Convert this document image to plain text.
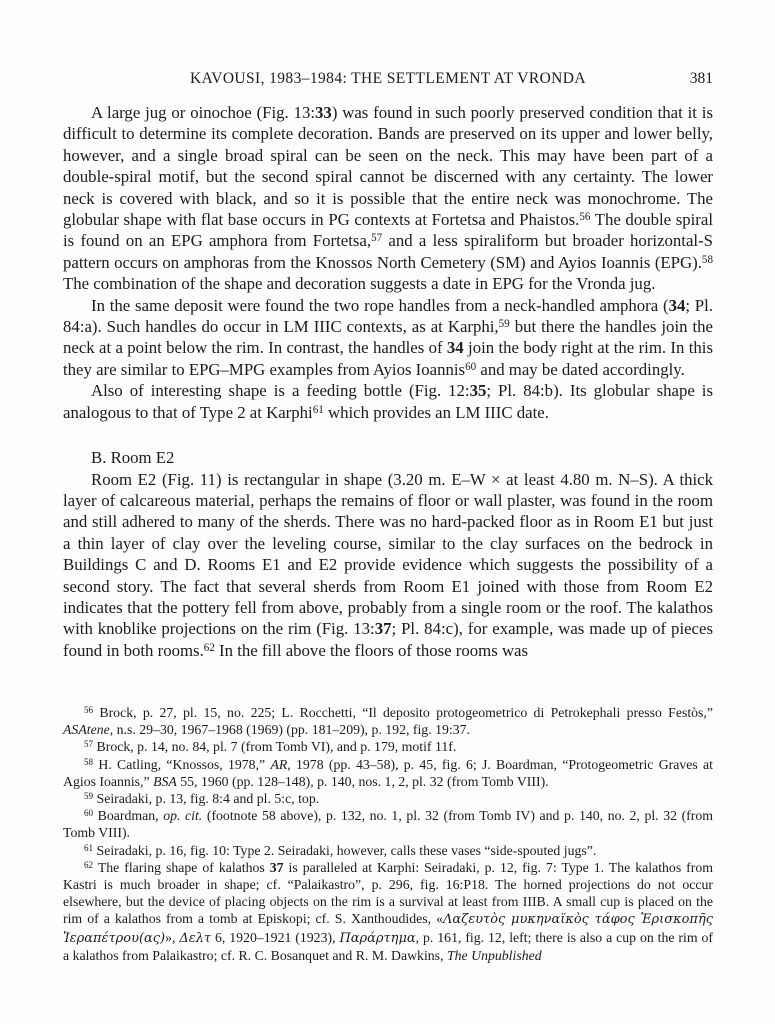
KAVOUSI, 1983–1984: THE SETTLEMENT AT VRONDA	381

A large jug or oinochoe (Fig. 13:33) was found in such poorly preserved condition that it is difficult to determine its complete decoration. Bands are preserved on its upper and lower belly, however, and a single broad spiral can be seen on the neck. This may have been part of a double-spiral motif, but the second spiral cannot be discerned with any certainty. The lower neck is covered with black, and so it is possible that the entire neck was monochrome. The globular shape with flat base occurs in PG contexts at Fortetsa and Phaistos.$^{56}$ The double spiral is found on an EPG amphora from Fortetsa,$^{57}$ and a less spiraliform but broader horizontal-S pattern occurs on amphoras from the Knossos North Cemetery (SM) and Ayios Ioannis (EPG).$^{58}$ The combination of the shape and decoration suggests a date in EPG for the Vronda jug.

In the same deposit were found the two rope handles from a neck-handled amphora (34; Pl. 84:a). Such handles do occur in LM IIIC contexts, as at Karphi,$^{59}$ but there the handles join the neck at a point below the rim. In contrast, the handles of 34 join the body right at the rim. In this they are similar to EPG–MPG examples from Ayios Ioannis$^{60}$ and may be dated accordingly.

Also of interesting shape is a feeding bottle (Fig. 12:35; Pl. 84:b). Its globular shape is analogous to that of Type 2 at Karphi$^{61}$ which provides an LM IIIC date.

B. Room E2

Room E2 (Fig. 11) is rectangular in shape (3.20 m. E–W × at least 4.80 m. N–S). A thick layer of calcareous material, perhaps the remains of floor or wall plaster, was found in the room and still adhered to many of the sherds. There was no hard-packed floor as in Room E1 but just a thin layer of clay over the leveling course, similar to the clay surfaces on the bedrock in Buildings C and D. Rooms E1 and E2 provide evidence which suggests the possibility of a second story. The fact that several sherds from Room E1 joined with those from Room E2 indicates that the pottery fell from above, probably from a single room or the roof. The kalathos with knoblike projections on the rim (Fig. 13:37; Pl. 84:c), for example, was made up of pieces found in both rooms.$^{62}$ In the fill above the floors of those rooms was

$^{56}$ Brock, p. 27, pl. 15, no. 225; L. Rocchetti, “Il deposito protogeometrico di Petrokephali presso Festòs,” ASAtene, n.s. 29–30, 1967–1968 (1969) (pp. 181–209), p. 192, fig. 19:37.

$^{57}$ Brock, p. 14, no. 84, pl. 7 (from Tomb VI), and p. 179, motif 11f.

$^{58}$ H. Catling, “Knossos, 1978,” AR, 1978 (pp. 43–58), p. 45, fig. 6; J. Boardman, “Protogeometric Graves at Agios Ioannis,” BSA 55, 1960 (pp. 128–148), p. 140, nos. 1, 2, pl. 32 (from Tomb VIII).

$^{59}$ Seiradaki, p. 13, fig. 8:4 and pl. 5:c, top.

$^{60}$ Boardman, op. cit. (footnote 58 above), p. 132, no. 1, pl. 32 (from Tomb IV) and p. 140, no. 2, pl. 32 (from Tomb VIII).

$^{61}$ Seiradaki, p. 16, fig. 10: Type 2. Seiradaki, however, calls these vases “side-spouted jugs”.

$^{62}$ The flaring shape of kalathos 37 is paralleled at Karphi: Seiradaki, p. 12, fig. 7: Type 1. The kalathos from Kastri is much broader in shape; cf. “Palaikastro”, p. 296, fig. 16:P18. The horned projections do not occur elsewhere, but the device of placing objects on the rim is a survival at least from IIIB. A small cup is placed on the rim of a kalathos from a tomb at Episkopi; cf. S. Xanthoudides, «Λαζευτὸς μυκηναϊκὸς τάφος Ἐρισκοπῆς Ἱεραπέτρου(ας)», Δελτ 6, 1920–1921 (1923), Παράρτημα, p. 161, fig. 12, left; there is also a cup on the rim of a kalathos from Palaikastro; cf. R. C. Bosanquet and R. M. Dawkins, The Unpublished
